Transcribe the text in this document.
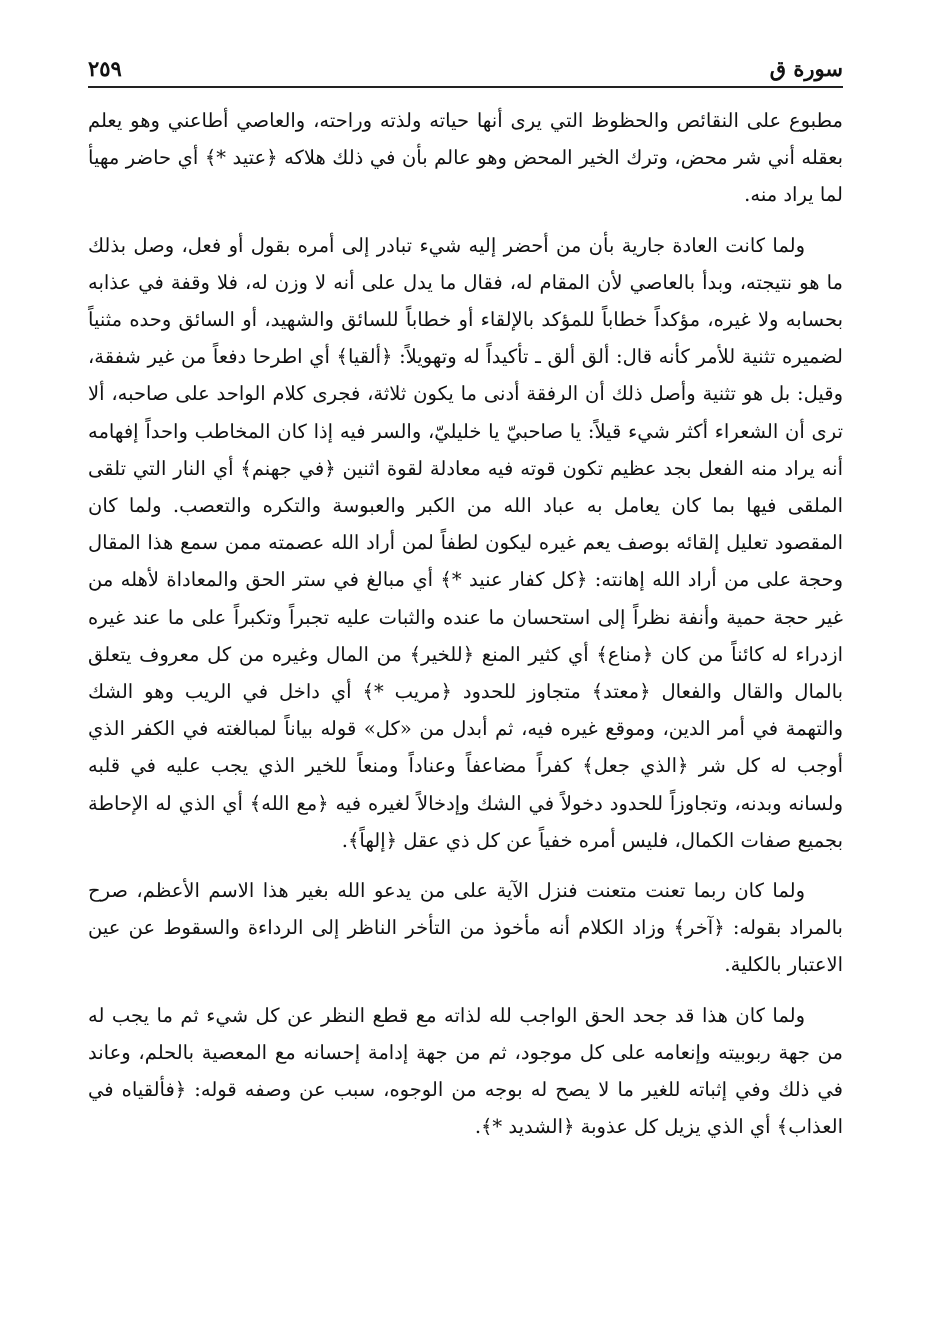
سورة ق
٢٥٩

مطبوع على النقائص والحظوظ التي يرى أنها حياته ولذته وراحته، والعاصي أطاعني وهو يعلم بعقله أني شر محض، وترك الخير المحض وهو عالم بأن في ذلك هلاكه ﴿عتيد *﴾ أي حاضر مهيأ لما يراد منه.

ولما كانت العادة جارية بأن من أحضر إليه شيء تبادر إلى أمره بقول أو فعل، وصل بذلك ما هو نتيجته، وبدأ بالعاصي لأن المقام له، فقال ما يدل على أنه لا وزن له، فلا وقفة في عذابه بحسابه ولا غيره، مؤكداً خطاباً للمؤكد بالإلقاء أو خطاباً للسائق والشهيد، أو السائق وحده مثنياً لضميره تثنية للأمر كأنه قال: ألق ألق ـ تأكيداً له وتهويلاً: ﴿ألقيا﴾ أي اطرحا دفعاً من غير شفقة، وقيل: بل هو تثنية وأصل ذلك أن الرفقة أدنى ما يكون ثلاثة، فجرى كلام الواحد على صاحبه، ألا ترى أن الشعراء أكثر شيء قيلاً: يا صاحبيّ يا خليليّ، والسر فيه إذا كان المخاطب واحداً إفهامه أنه يراد منه الفعل بجد عظيم تكون قوته فيه معادلة لقوة اثنين ﴿في جهنم﴾ أي النار التي تلقى الملقى فيها بما كان يعامل به عباد الله من الكبر والعبوسة والتكره والتعصب. ولما كان المقصود تعليل إلقائه بوصف يعم غيره ليكون لطفاً لمن أراد الله عصمته ممن سمع هذا المقال وحجة على من أراد الله إهانته: ﴿كل كفار عنيد *﴾ أي مبالغ في ستر الحق والمعاداة لأهله من غير حجة حمية وأنفة نظراً إلى استحسان ما عنده والثبات عليه تجبراً وتكبراً على ما عند غيره ازدراء له كائناً من كان ﴿مناع﴾ أي كثير المنع ﴿للخير﴾ من المال وغيره من كل معروف يتعلق بالمال والقال والفعال ﴿معتد﴾ متجاوز للحدود ﴿مريب *﴾ أي داخل في الريب وهو الشك والتهمة في أمر الدين، وموقع غيره فيه، ثم أبدل من «كل» قوله بياناً لمبالغته في الكفر الذي أوجب له كل شر ﴿الذي جعل﴾ كفراً مضاعفاً وعناداً ومنعاً للخير الذي يجب عليه في قلبه ولسانه وبدنه، وتجاوزاً للحدود دخولاً في الشك وإدخالاً لغيره فيه ﴿مع الله﴾ أي الذي له الإحاطة بجميع صفات الكمال، فليس أمره خفياً عن كل ذي عقل ﴿إلهاً﴾.

ولما كان ربما تعنت متعنت فنزل الآية على من يدعو الله بغير هذا الاسم الأعظم، صرح بالمراد بقوله: ﴿آخر﴾ وزاد الكلام أنه مأخوذ من التأخر الناظر إلى الرداءة والسقوط عن عين الاعتبار بالكلية.

ولما كان هذا قد جحد الحق الواجب لله لذاته مع قطع النظر عن كل شيء ثم ما يجب له من جهة ربوبيته وإنعامه على كل موجود، ثم من جهة إدامة إحسانه مع المعصية بالحلم، وعاند في ذلك وفي إثباته للغير ما لا يصح له بوجه من الوجوه، سبب عن وصفه قوله: ﴿فألقياه في العذاب﴾ أي الذي يزيل كل عذوبة ﴿الشديد *﴾.
